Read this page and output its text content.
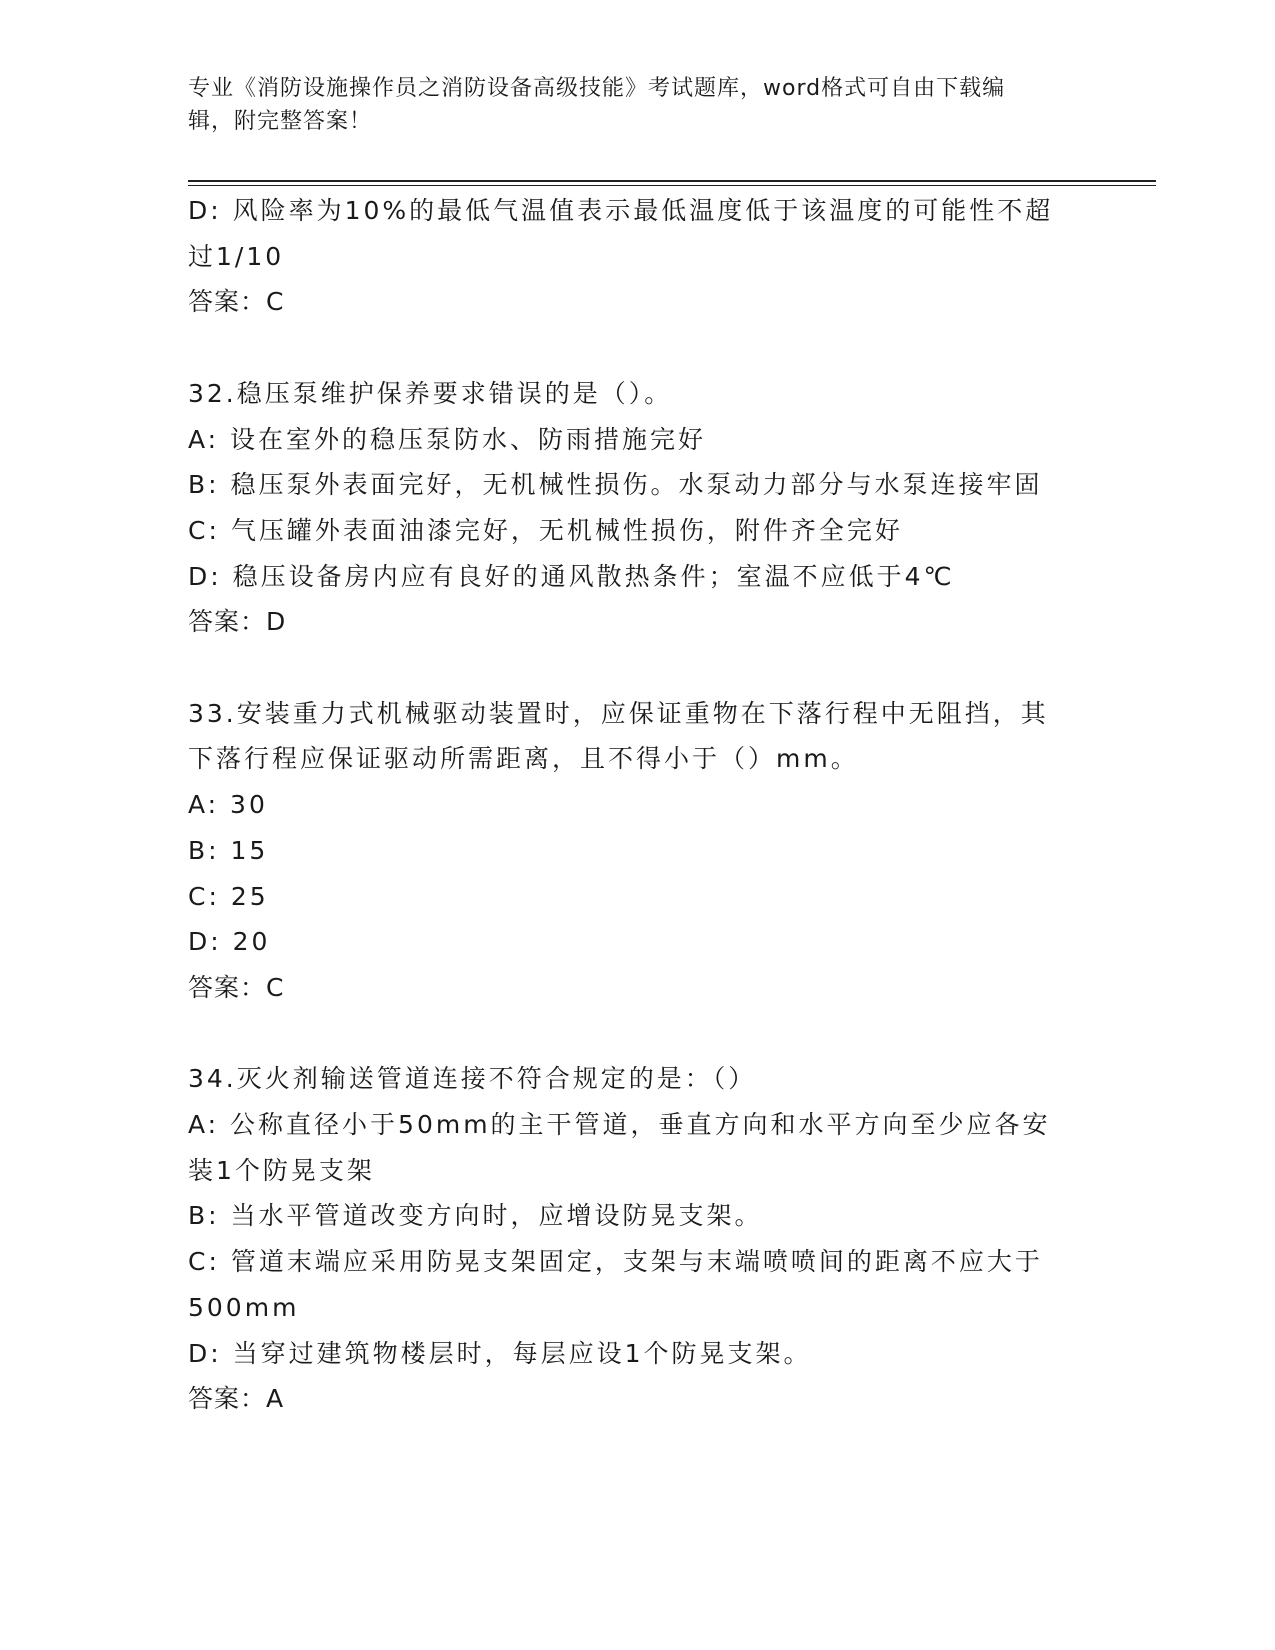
专业《消防设施操作员之消防设备高级技能》考试题库，word格式可自由下载编
辑，附完整答案！

D: 风险率为10%的最低气温值表示最低温度低于该温度的可能性不超

过1/10

答案：C

32.稳压泵维护保养要求错误的是（）。

A: 设在室外的稳压泵防水、防雨措施完好

B: 稳压泵外表面完好，无机械性损伤。水泵动力部分与水泵连接牢固

C: 气压罐外表面油漆完好，无机械性损伤，附件齐全完好

D: 稳压设备房内应有良好的通风散热条件；室温不应低于4℃

答案：D

33.安装重力式机械驱动装置时，应保证重物在下落行程中无阻挡，其

下落行程应保证驱动所需距离，且不得小于（）mm。

A: 30

B: 15

C: 25

D: 20

答案：C

34.灭火剂输送管道连接不符合规定的是：（）

A: 公称直径小于50mm的主干管道，垂直方向和水平方向至少应各安

装1个防晃支架

B: 当水平管道改变方向时，应增设防晃支架。

C: 管道末端应采用防晃支架固定，支架与末端喷喷间的距离不应大于

500mm

D: 当穿过建筑物楼层时，每层应设1个防晃支架。

答案：A
